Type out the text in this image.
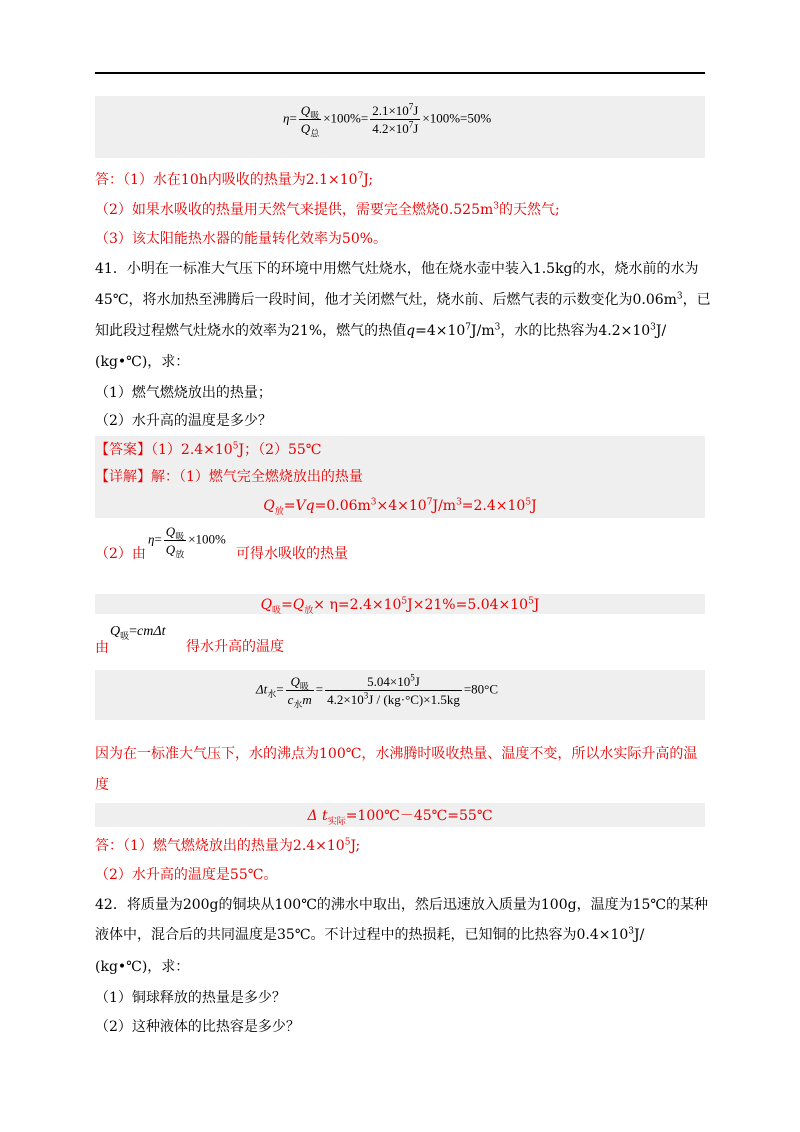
$\eta= \frac{Q_吸}{Q_总} \times 100\%= \frac{2.1\times 10^7J}{4.2\times 10^7J} \times 100\%=50\%$
答：（1）水在10h内吸收的热量为$2.1\times 10^7J$;
（2）如果水吸收的热量用天然气来提供，需要完全燃烧$0.525m^3$的天然气;
（3）该太阳能热水器的能量转化效率为50%。
41．小明在一标准大气压下的环境中用燃气灶烧水，他在烧水壶中装入1.5kg的水，烧水前的水为
45℃，将水加热至沸腾后一段时间，他才关闭燃气灶，烧水前、后燃气表的示数变化为$0.06m^3$，已
知此段过程燃气灶烧水的效率为21%，燃气的热值$q=4\times 10^7J/m^3$，水的比热容为$4.2\times 10^3J/$
(kg•℃)，求：
（1）燃气燃烧放出的热量；
（2）水升高的温度是多少？
【答案】$(1)2.4\times 10^5J$；（2）55℃
【详解】解：（1）燃气完全燃烧放出的热量
$Q_放=Vq=0.06m^3\times 4\times 10^7J/m^3=2.4\times 10^5J$
（2）由
$\eta= \frac{Q_吸}{Q_放} \times 100\%$
可得水吸收的热量
$Q_吸=Q_放\times \eta=2.4\times 10^5J\times 21\%=5.04\times 10^5J$
由
$Q_吸=cm\Delta t$
得水升高的温度
$\Delta t_水= \frac{Q_吸}{c_水m} = \frac{5.04\times 10^5J}{4.2\times 10^3J / (kg\cdot^\circ C)\times 1.5kg} =80^\circ C$
因为在一标准大气压下，水的沸点为100℃，水沸腾时吸收热量、温度不变，所以水实际升高的温
度
Δ $t_{实际}=100℃-45℃=55℃$
答：（1）燃气燃烧放出的热量为$2.4\times 10^5J$;
（2）水升高的温度是55℃。
42．将质量为200g的铜块从100℃的沸水中取出，然后迅速放入质量为100g，温度为15℃的某种
液体中，混合后的共同温度是35℃。不计过程中的热损耗，已知铜的比热容为$0.4\times 10^3J/$
(kg•℃)，求：
（1）铜球释放的热量是多少？
（2）这种液体的比热容是多少？
